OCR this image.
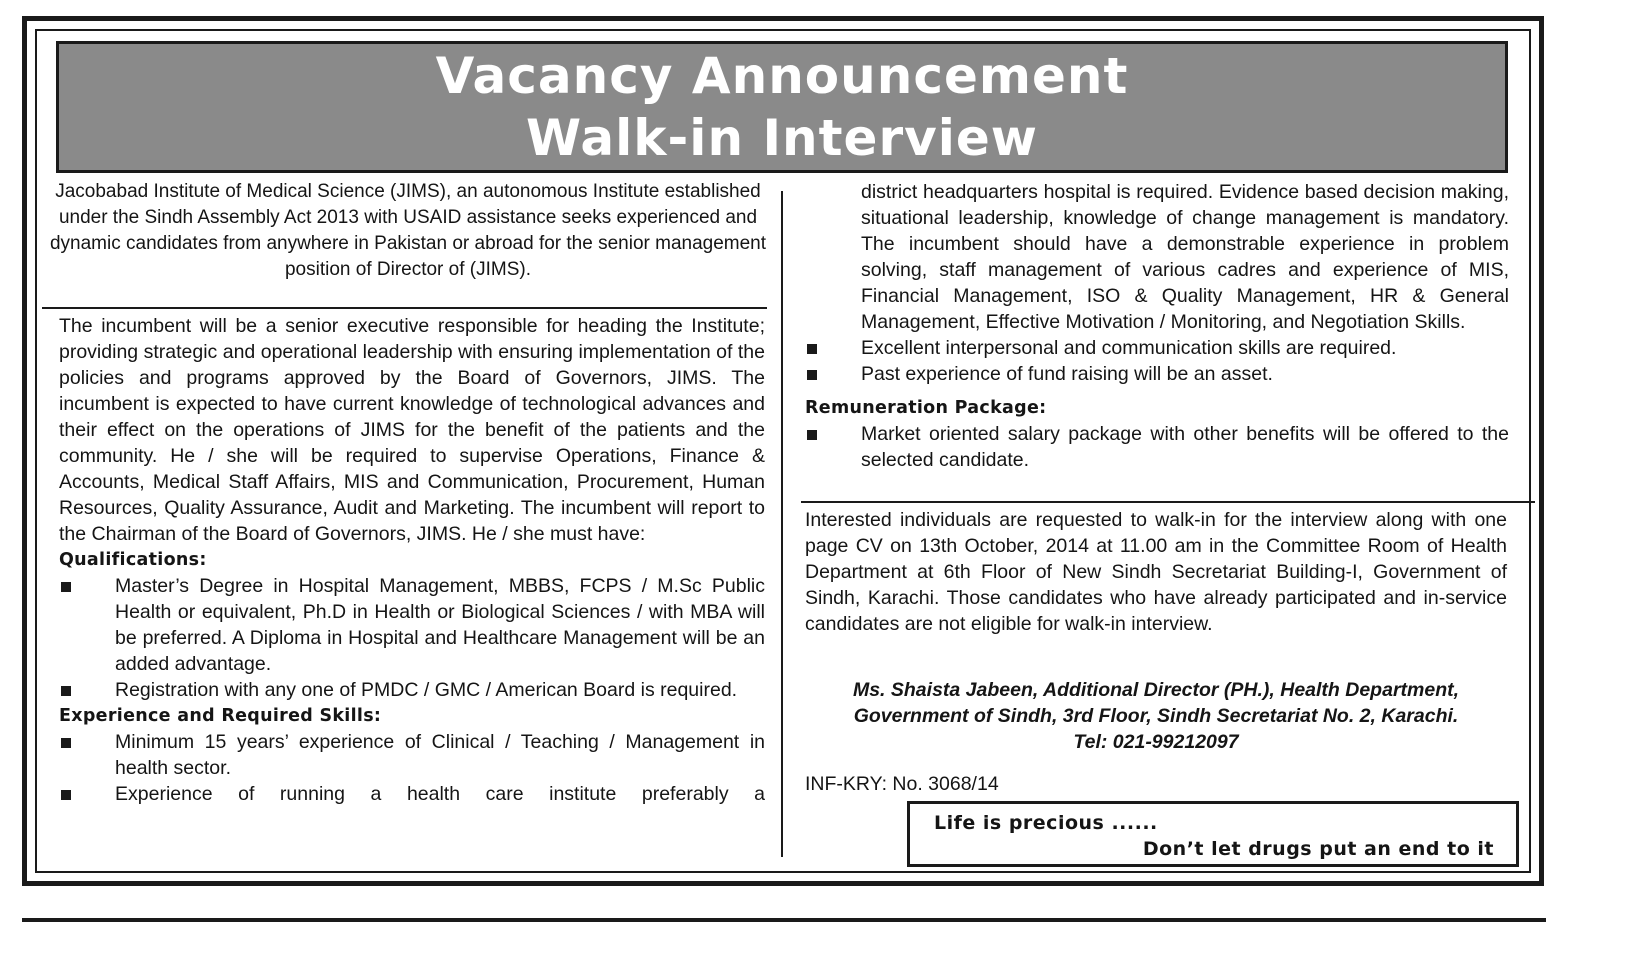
Vacancy Announcement
Walk-in Interview
Jacobabad Institute of Medical Science (JIMS), an autonomous Institute established under the Sindh Assembly Act 2013 with USAID assistance seeks experienced and dynamic candidates from anywhere in Pakistan or abroad for the senior management position of Director of (JIMS).

The incumbent will be a senior executive responsible for heading the Institute; providing strategic and operational leadership with ensuring implementation of the policies and programs approved by the Board of Governors, JIMS. The incumbent is expected to have current knowledge of technological advances and their effect on the operations of JIMS for the benefit of the patients and the community. He / she will be required to supervise Operations, Finance & Accounts, Medical Staff Affairs, MIS and Communication, Procurement, Human Resources, Quality Assurance, Audit and Marketing. The incumbent will report to the Chairman of the Board of Governors, JIMS. He / she must have:

Qualifications:
Master’s Degree in Hospital Management, MBBS, FCPS / M.Sc Public Health or equivalent, Ph.D in Health or Biological Sciences / with MBA will be preferred. A Diploma in Hospital and Healthcare Management will be an added advantage.
Registration with any one of PMDC / GMC / American Board is required.
Experience and Required Skills:
Minimum 15 years’ experience of Clinical / Teaching / Management in health sector.
Experience of running a health care institute preferably a
district headquarters hospital is required. Evidence based decision making, situational leadership, knowledge of change management is mandatory. The incumbent should have a demonstrable experience in problem solving, staff management of various cadres and experience of MIS, Financial Management, ISO & Quality Management, HR & General Management, Effective Motivation / Monitoring, and Negotiation Skills.
Excellent interpersonal and communication skills are required.
Past experience of fund raising will be an asset.
Remuneration Package:
Market oriented salary package with other benefits will be offered to the selected candidate.
Interested individuals are requested to walk-in for the interview along with one page CV on 13th October, 2014 at 11.00 am in the Committee Room of Health Department at 6th Floor of New Sindh Secretariat Building-I, Government of Sindh, Karachi. Those candidates who have already participated and in-service candidates are not eligible for walk-in interview.
Ms. Shaista Jabeen, Additional Director (PH.), Health Department,
Government of Sindh, 3rd Floor, Sindh Secretariat No. 2, Karachi.
Tel: 021-99212097
INF-KRY: No. 3068/14
Life is precious ......
Don’t let drugs put an end to it
